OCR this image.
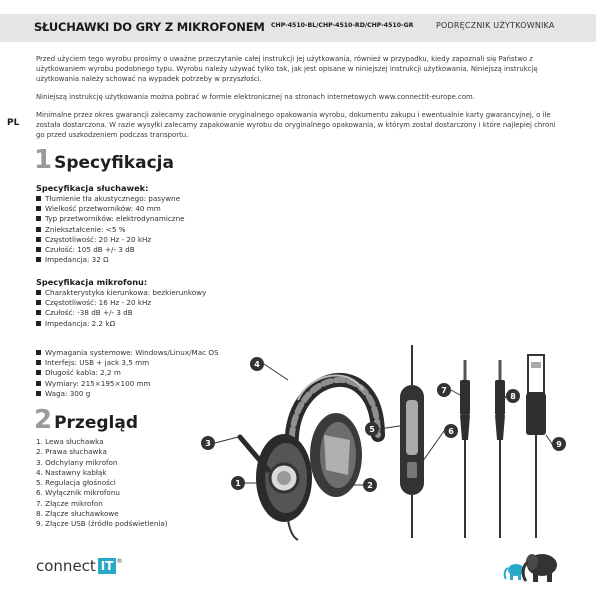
SŁUCHAWKI DO GRY Z MIKROFONEM CHP-4510-BL/CHP-4510-RD/CHP-4510-GR	PODRĘCZNIK UŻYTKOWNIKA
PL

Przed użyciem tego wyrobu prosimy o uważne przeczytanie całej instrukcji jej użytkowania, również w przypadku, kiedy zapoznali się Państwo z użytkowaniem wyrobu podobnego typu. Wyrobu należy używać tylko tak, jak jest opisane w niniejszej instrukcji użytkowania. Niniejszą instrukcję użytkowania należy schować na wypadek potrzeby w przyszłości.

Niniejszą instrukcję użytkowania można pobrać w formie elektronicznej na stronach internetowych www.connectit-europe.com.

Minimalne przez okres gwarancji zalecamy zachowanie oryginalnego opakowania wyrobu, dokumentu zakupu i ewentualnie karty gwarancyjnej, o ile została dostarczona. W razie wysyłki zalecamy zapakowanie wyrobu do oryginalnego opakowania, w którym został dostarczony i które najlepiej chroni go przed uszkodzeniem podczas transportu.

1 Specyfikacja
Specyfikacja słuchawek:
Tłumienie tła akustycznego: pasywne
Wielkość przetworników: 40 mm
Typ przetworników: elektrodynamiczne
Zniekształcenie: <5 %
Częstotliwość: 20 Hz - 20 kHz
Czułość: 105 dB +/- 3 dB
Impedancja: 32 Ω
Specyfikacja mikrofonu:
Charakterystyka kierunkowa: bezkierunkowy
Częstotliwość: 16 Hz - 20 kHz
Czułość: -38 dB +/- 3 dB
Impedancja: 2.2 kΩ
Wymagania systemowe: Windows/Linux/Mac OS
Interfejs: USB + jack 3,5 mm
Długość kabla: 2,2 m
Wymiary: 215×195×100 mm
Waga: 300 g
2 Przegląd
1. Lewa słuchawka
2. Prawa słuchawka
3. Odchylany mikrofon
4. Nastawny kabłąk
5. Regulacja głośności
6. Wyłącznik mikrofonu
7. Złącze mikrofon
8. Złącze słuchawkowe
9. Złącze USB (źródło podświetlenia)
1	2
3
4
5	6
7
8
9
connect IT ®
